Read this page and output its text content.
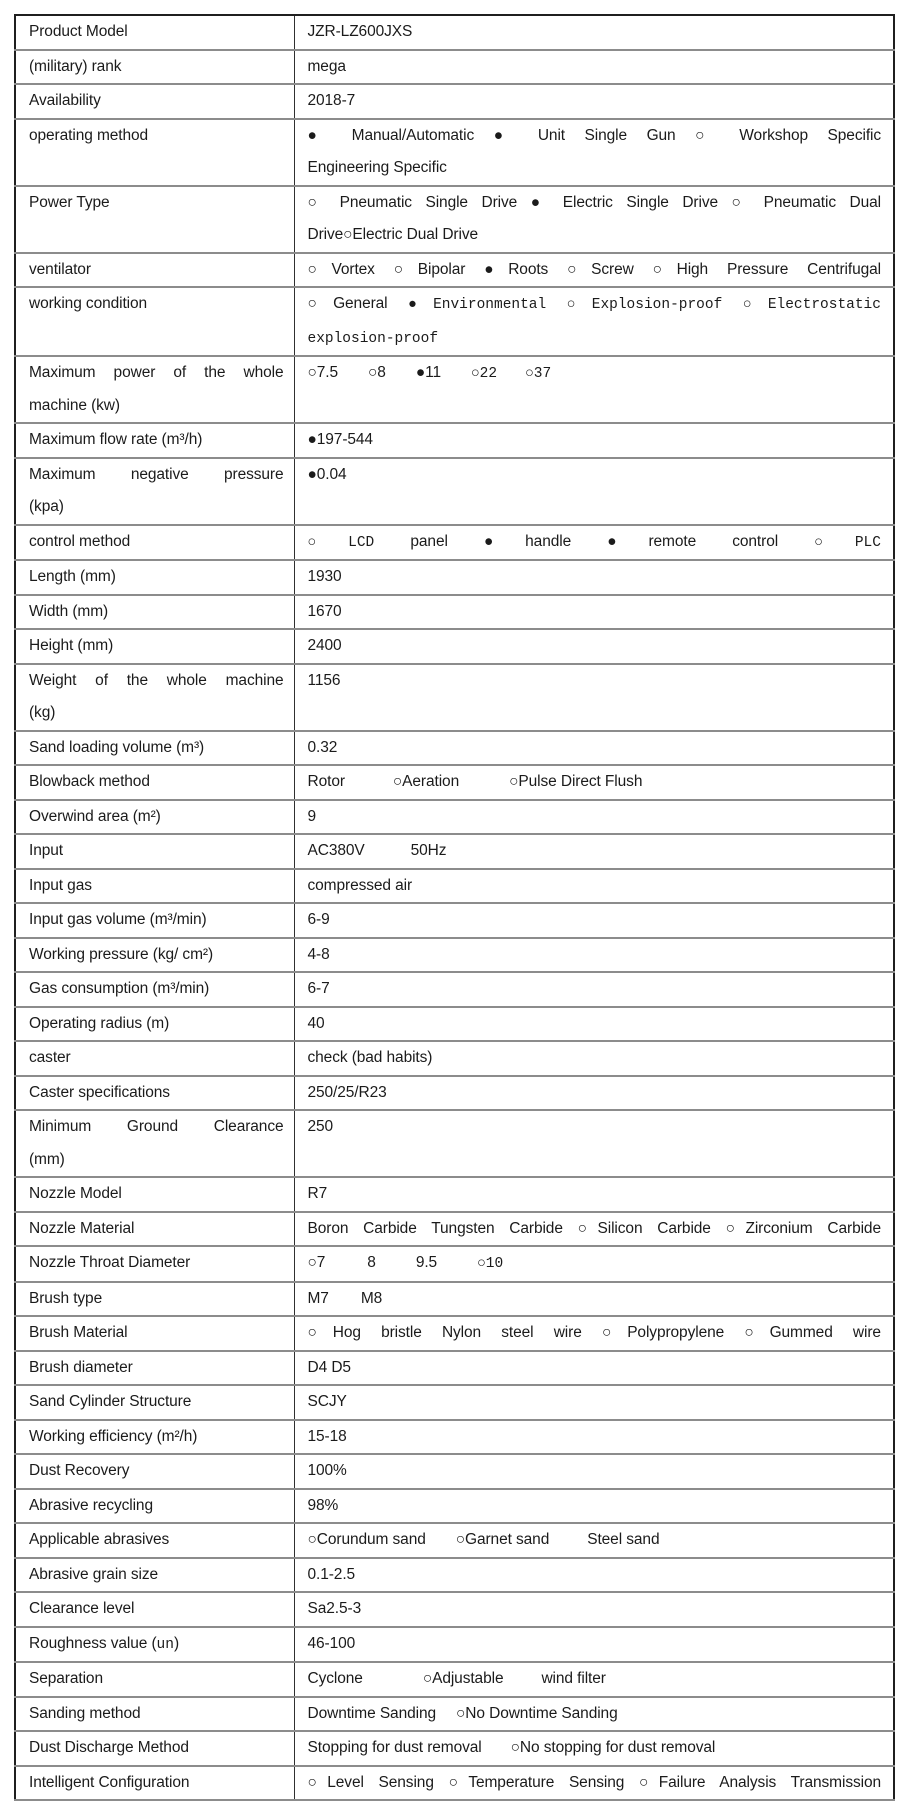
Product Model	JZR-LZ600JXS

(military) rank	mega

Availability	2018-7

operating method	● Manual/Automatic ● Unit Single Gun ○ Workshop Specific
Engineering Specific

Power Type	○ Pneumatic Single Drive ● Electric Single Drive ○ Pneumatic Dual
Drive○Electric Dual Drive

ventilator	○Vortex ○Bipolar ●Roots ○Screw ○High Pressure Centrifugal

working condition	○General ●Environmental ○Explosion-proof ○Electrostatic
explosion-proof

Maximum power of the whole
machine (kw)	○7.5 ○8 ●11 ○22 ○37

Maximum flow rate (m³/h)	●197-544

Maximum negative pressure
(kpa)	●0.04

control method	○LCD panel ●handle ●remote control ○PLC

Length (mm)	1930

Width (mm)	1670

Height (mm)	2400

Weight of the whole machine
(kg)	1156

Sand loading volume (m³)	0.32

Blowback method	Rotor ○Aeration ○Pulse Direct Flush

Overwind area (m²)	9

Input	AC380V 50Hz

Input gas	compressed air

Input gas volume (m³/min)	6-9

Working pressure (kg/ cm²)	4-8

Gas consumption (m³/min)	6-7

Operating radius (m)	40

caster	check (bad habits)

Caster specifications	250/25/R23

Minimum Ground Clearance
(mm)	250

Nozzle Model	R7

Nozzle Material	Boron Carbide Tungsten Carbide ○Silicon Carbide ○Zirconium Carbide

Nozzle Throat Diameter	○7 8 9.5 ○10

Brush type	M7 M8

Brush Material	○Hog bristle Nylon steel wire ○Polypropylene ○Gummed wire

Brush diameter	D4 D5

Sand Cylinder Structure	SCJY

Working efficiency (m²/h)	15-18

Dust Recovery	100%

Abrasive recycling	98%

Applicable abrasives	○Corundum sand ○Garnet sand Steel sand

Abrasive grain size	0.1-2.5

Clearance level	Sa2.5-3

Roughness value (un)	46-100

Separation	Cyclone ○Adjustable wind filter

Sanding method	Downtime Sanding ○No Downtime Sanding

Dust Discharge Method	Stopping for dust removal ○No stopping for dust removal

Intelligent Configuration	○Level Sensing ○Temperature Sensing ○Failure Analysis Transmission
